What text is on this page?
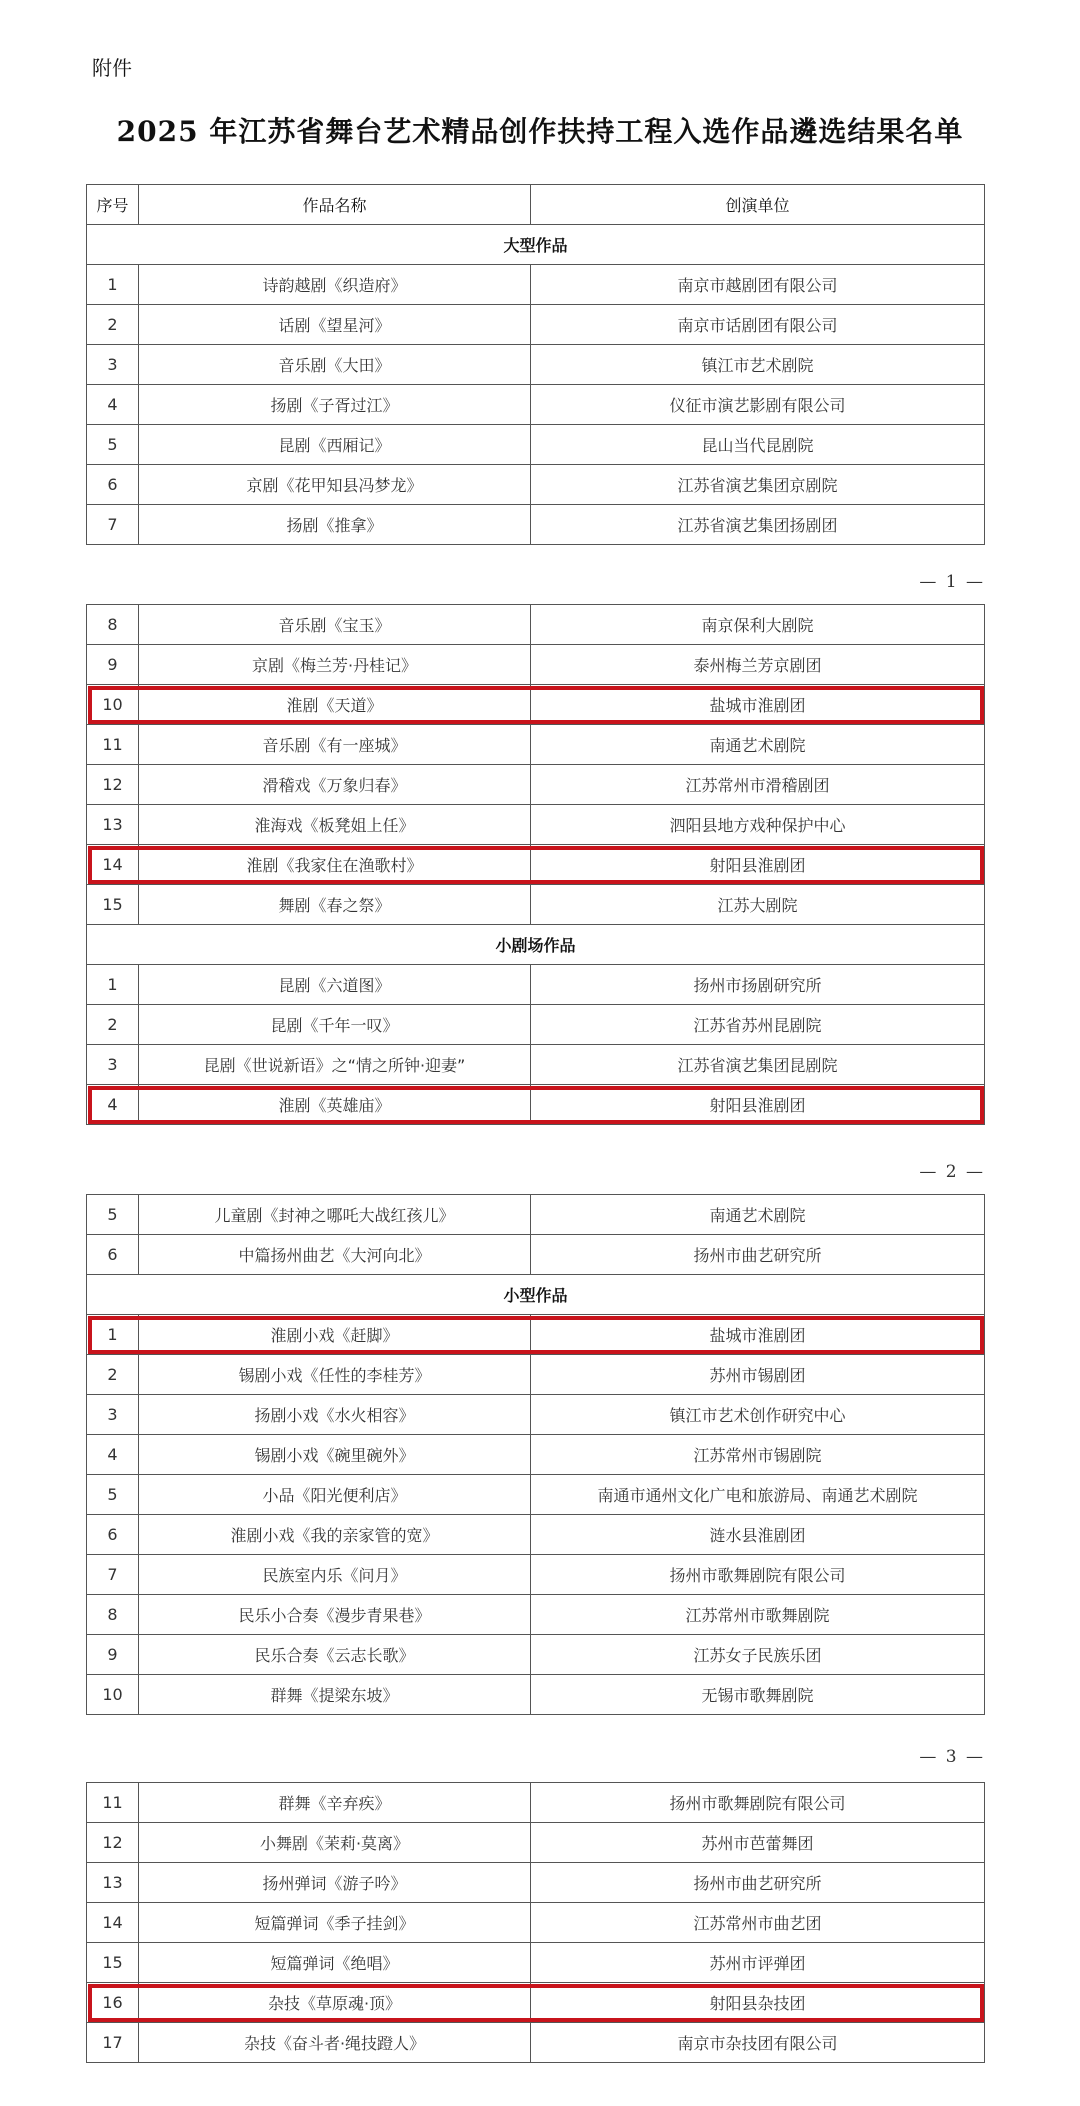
附件
2025 年江苏省舞台艺术精品创作扶持工程入选作品遴选结果名单
序号	作品名称	创演单位
大型作品		
1	诗韵越剧《织造府》	南京市越剧团有限公司
2	话剧《望星河》	南京市话剧团有限公司
3	音乐剧《大田》	镇江市艺术剧院
4	扬剧《子胥过江》	仪征市演艺影剧有限公司
5	昆剧《西厢记》	昆山当代昆剧院
6	京剧《花甲知县冯梦龙》	江苏省演艺集团京剧院
7	扬剧《推拿》	江苏省演艺集团扬剧团
— 1 —
8	音乐剧《宝玉》	南京保利大剧院
9	京剧《梅兰芳·丹桂记》	泰州梅兰芳京剧团
10	淮剧《天道》	盐城市淮剧团
11	音乐剧《有一座城》	南通艺术剧院
12	滑稽戏《万象归春》	江苏常州市滑稽剧团
13	淮海戏《板凳姐上任》	泗阳县地方戏种保护中心
14	淮剧《我家住在渔歌村》	射阳县淮剧团
15	舞剧《春之祭》	江苏大剧院
小剧场作品		
1	昆剧《六道图》	扬州市扬剧研究所
2	昆剧《千年一叹》	江苏省苏州昆剧院
3	昆剧《世说新语》之“情之所钟·迎妻”	江苏省演艺集团昆剧院
4	淮剧《英雄庙》	射阳县淮剧团
— 2 —
5	儿童剧《封神之哪吒大战红孩儿》	南通艺术剧院
6	中篇扬州曲艺《大河向北》	扬州市曲艺研究所
小型作品		
1	淮剧小戏《赶脚》	盐城市淮剧团
2	锡剧小戏《任性的李桂芳》	苏州市锡剧团
3	扬剧小戏《水火相容》	镇江市艺术创作研究中心
4	锡剧小戏《碗里碗外》	江苏常州市锡剧院
5	小品《阳光便利店》	南通市通州文化广电和旅游局、南通艺术剧院
6	淮剧小戏《我的亲家管的宽》	涟水县淮剧团
7	民族室内乐《问月》	扬州市歌舞剧院有限公司
8	民乐小合奏《漫步青果巷》	江苏常州市歌舞剧院
9	民乐合奏《云志长歌》	江苏女子民族乐团
10	群舞《提梁东坡》	无锡市歌舞剧院
— 3 —
11	群舞《辛弃疾》	扬州市歌舞剧院有限公司
12	小舞剧《茉莉·莫离》	苏州市芭蕾舞团
13	扬州弹词《游子吟》	扬州市曲艺研究所
14	短篇弹词《季子挂剑》	江苏常州市曲艺团
15	短篇弹词《绝唱》	苏州市评弹团
16	杂技《草原魂·顶》	射阳县杂技团
17	杂技《奋斗者·绳技蹬人》	南京市杂技团有限公司
